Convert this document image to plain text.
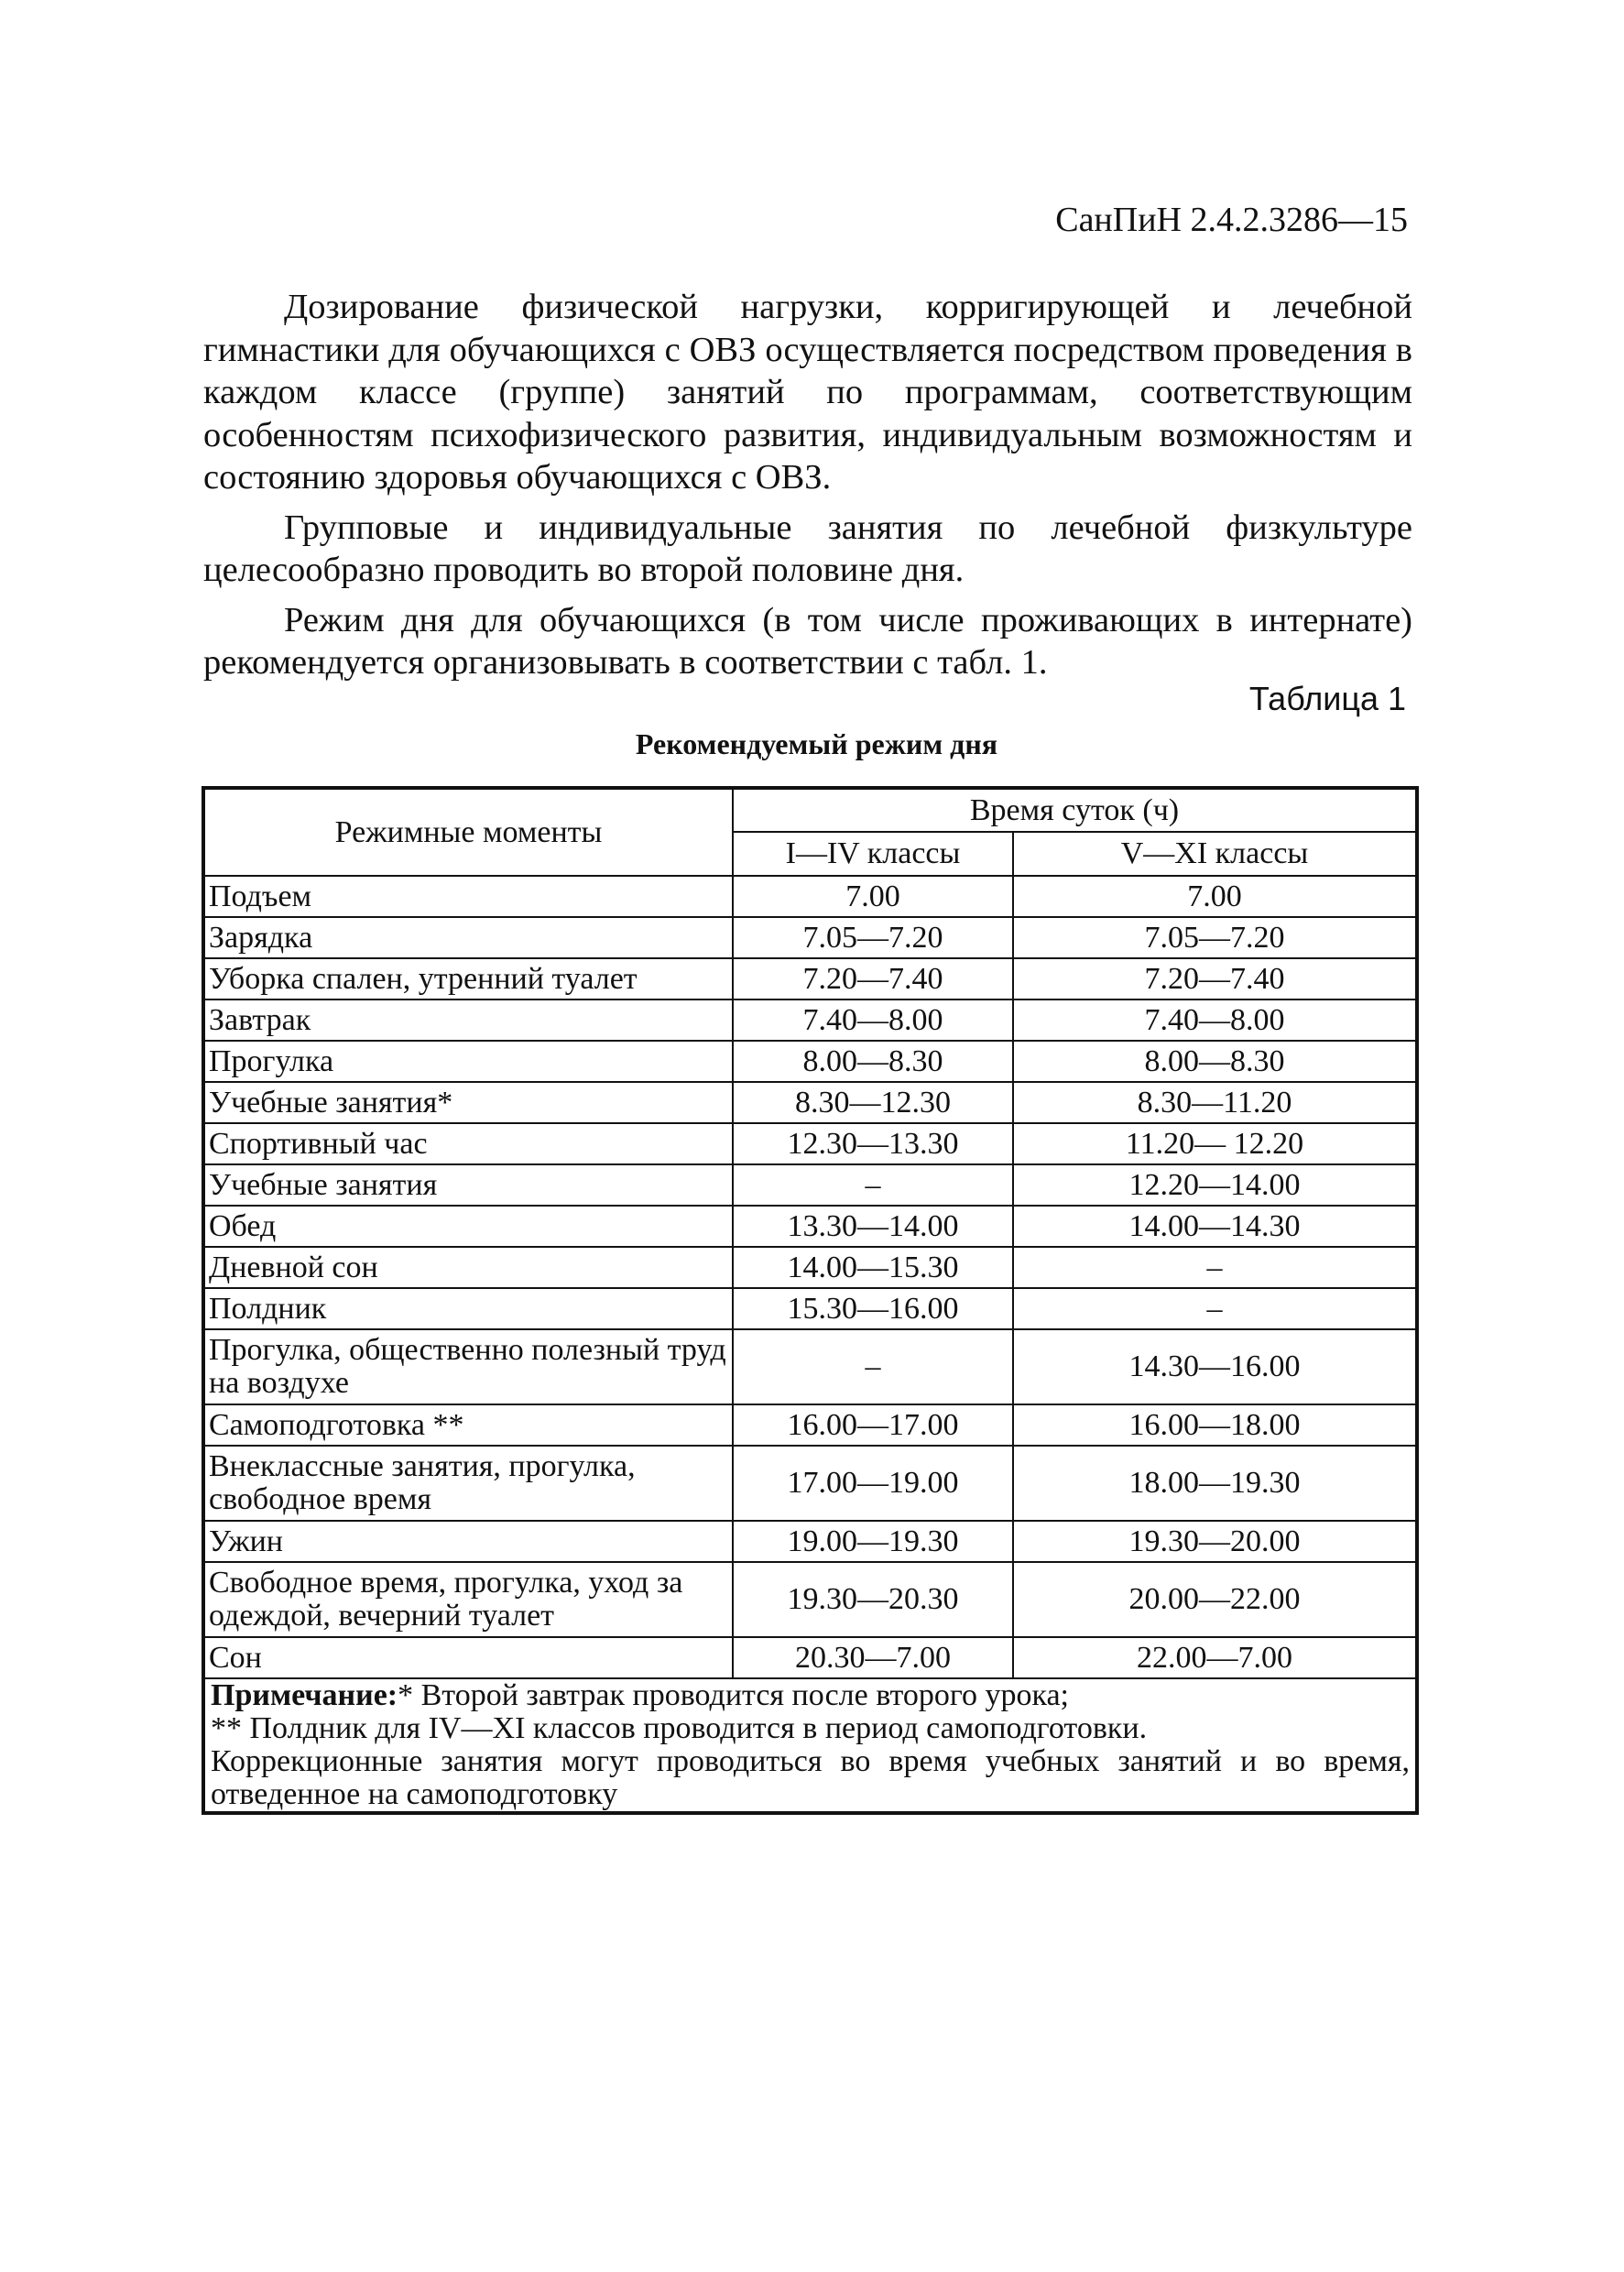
СанПиН 2.4.2.3286—15

Дозирование физической нагрузки, корригирующей и лечебной гимнастики для обучающихся с ОВЗ осуществляется посредством проведения в каждом классе (группе) занятий по программам, соответствующим особенностям психофизического развития, индивидуальным возможностям и состоянию здоровья обучающихся с ОВЗ.

Групповые и индивидуальные занятия по лечебной физкультуре целесообразно проводить во второй половине дня.

Режим дня для обучающихся (в том числе проживающих в интернате) рекомендуется организовывать в соответствии с табл. 1.

Таблица 1
Рекомендуемый режим дня
Режимные моменты	Время суток (ч)	
	I—IV классы	V—XI классы
Подъем	7.00	7.00
Зарядка	7.05—7.20	7.05—7.20
Уборка спален, утренний туалет	7.20—7.40	7.20—7.40
Завтрак	7.40—8.00	7.40—8.00
Прогулка	8.00—8.30	8.00—8.30
Учебные занятия*	8.30—12.30	8.30—11.20
Спортивный час	12.30—13.30	11.20— 12.20
Учебные занятия	–	12.20—14.00
Обед	13.30—14.00	14.00—14.30
Дневной сон	14.00—15.30	–
Полдник	15.30—16.00	–
Прогулка, общественно полезный труд на воздухе	–	14.30—16.00
Самоподготовка **	16.00—17.00	16.00—18.00
Внеклассные занятия, прогулка, свободное время	17.00—19.00	18.00—19.30
Ужин	19.00—19.30	19.30—20.00
Свободное время, прогулка, уход за одеждой, вечерний туалет	19.30—20.30	20.00—22.00
Сон	20.30—7.00	22.00—7.00

Примечание:* Второй завтрак проводится после второго урока;
** Полдник для IV—XI классов проводится в период самоподготовки.
Коррекционные занятия могут проводиться во время учебных занятий и во время, отведенное на самоподготовку		
